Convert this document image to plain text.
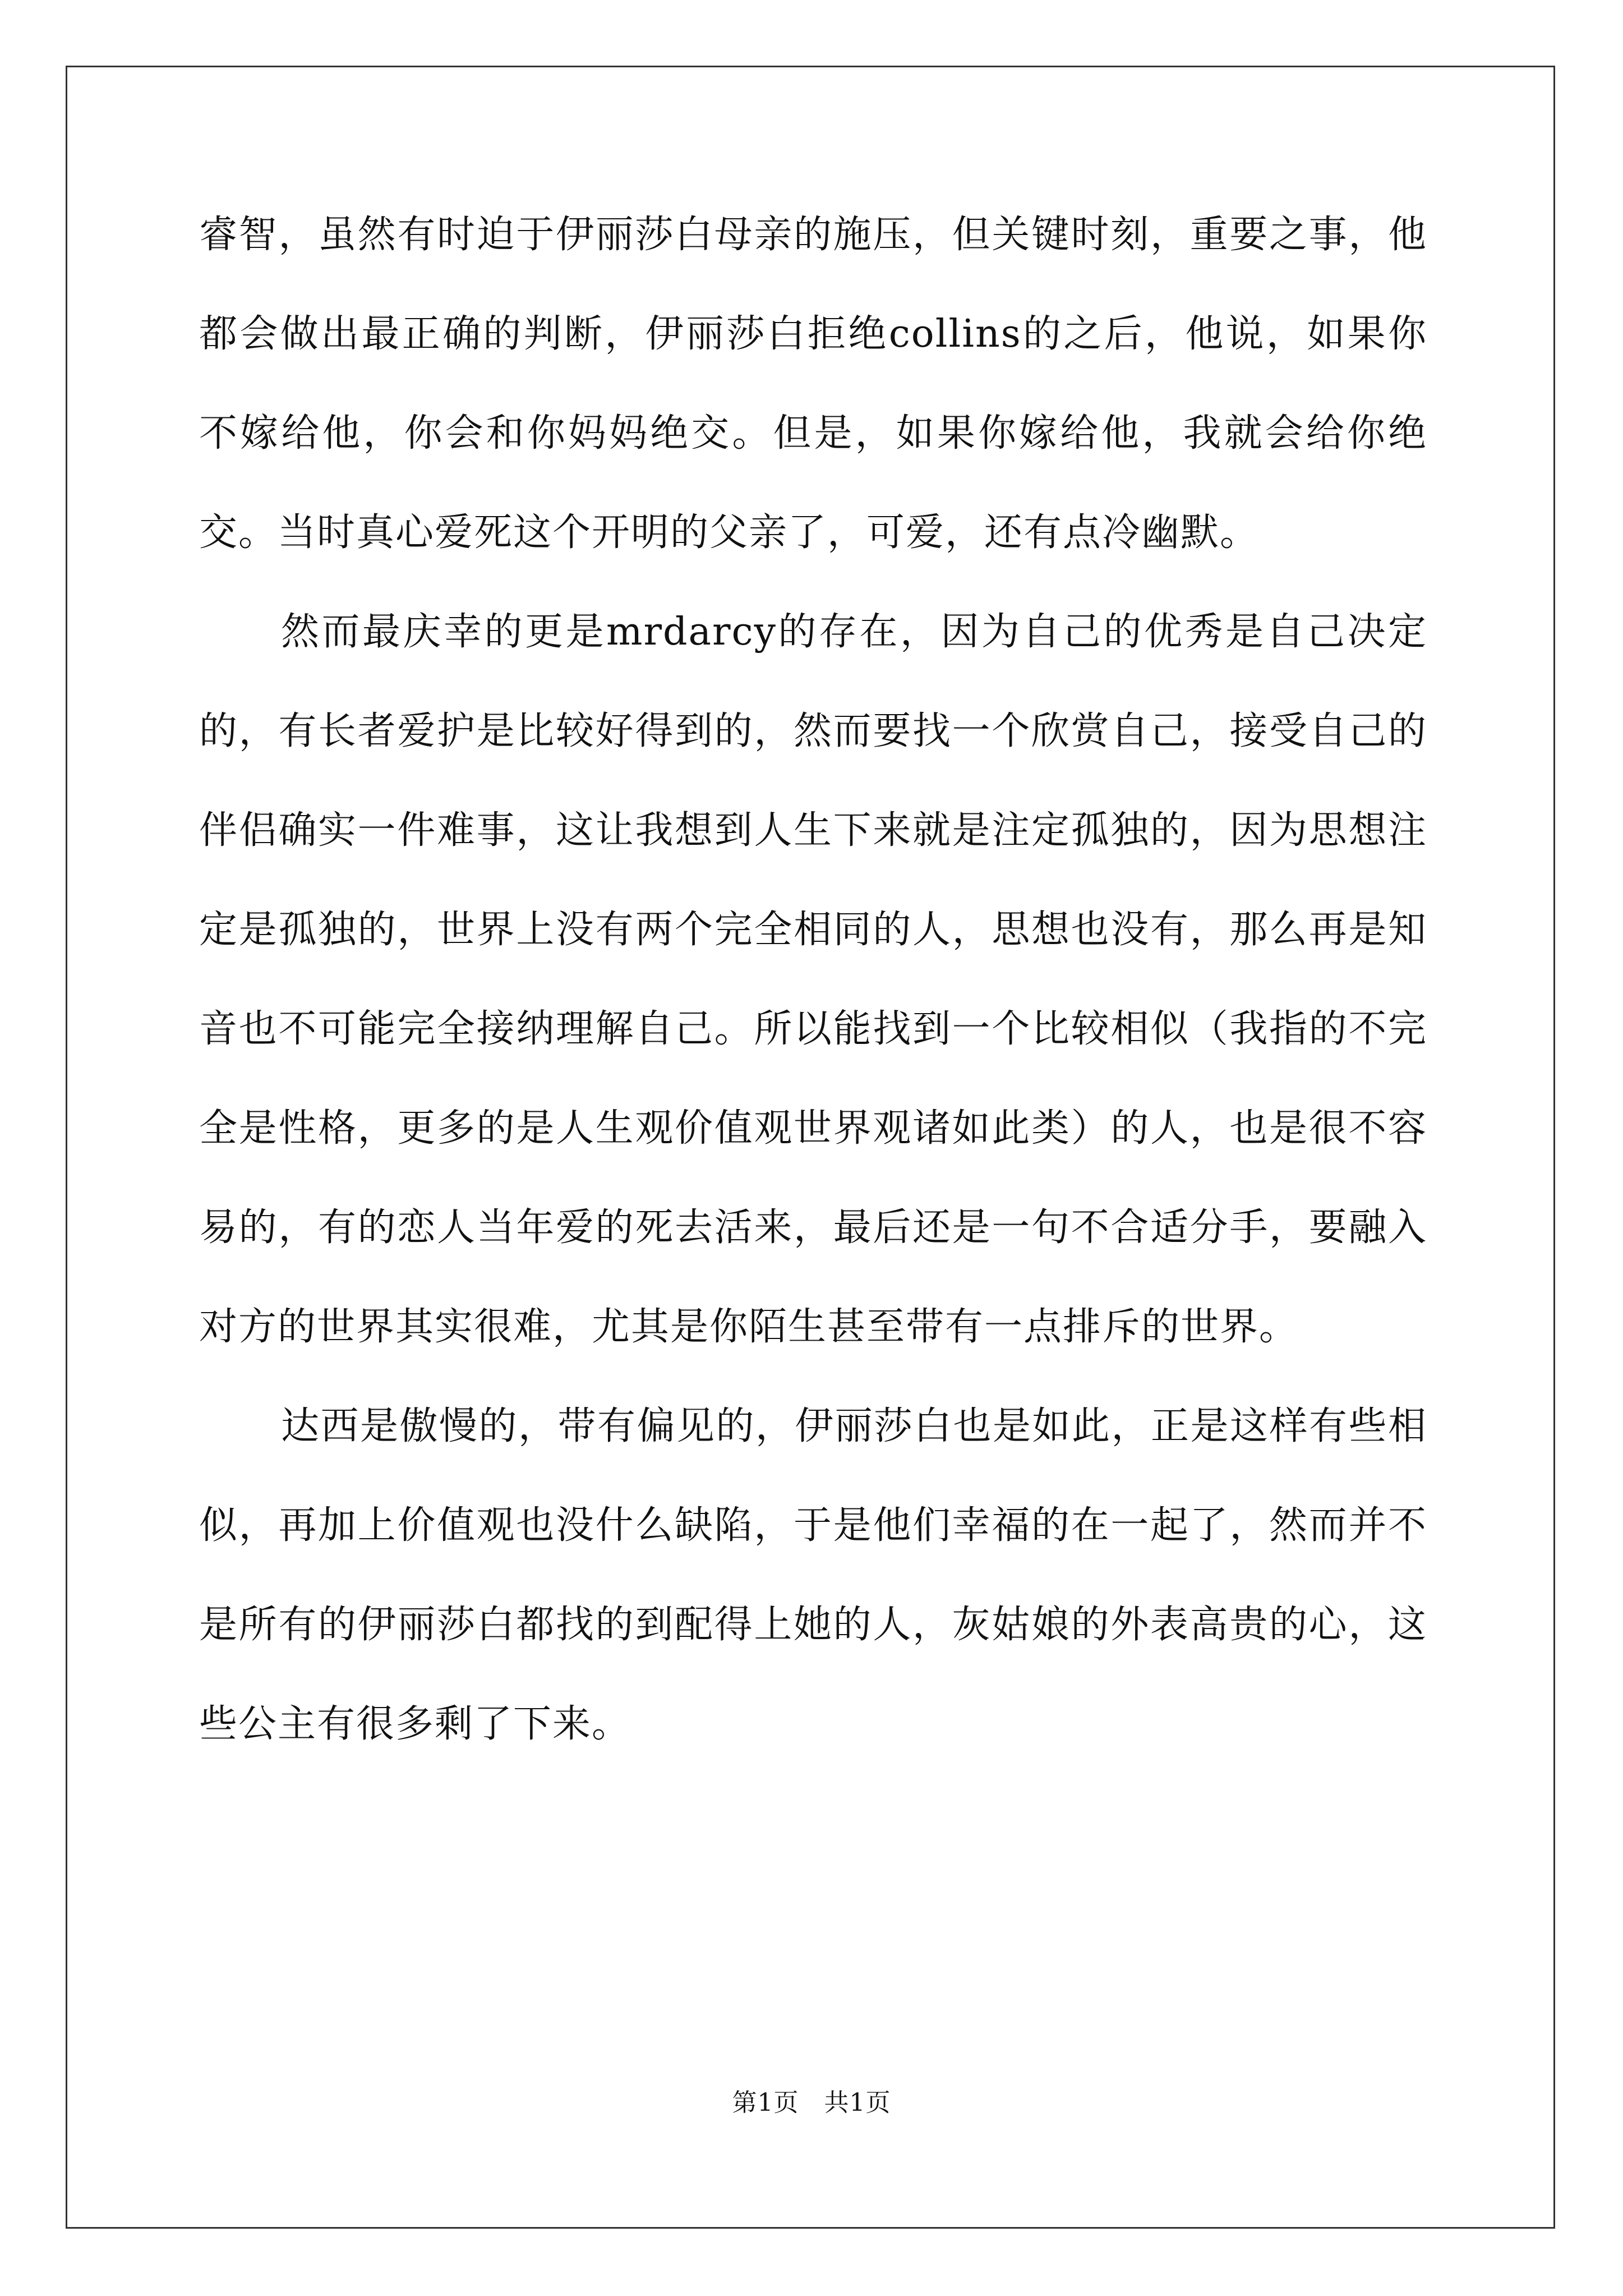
睿智，虽然有时迫于伊丽莎白母亲的施压，但关键时刻，重要之事，他都会做出最正确的判断，伊丽莎白拒绝collins的之后，他说，如果你不嫁给他，你会和你妈妈绝交。但是，如果你嫁给他，我就会给你绝交。当时真心爱死这个开明的父亲了，可爱，还有点冷幽默。

然而最庆幸的更是mrdarcy的存在，因为自己的优秀是自己决定的，有长者爱护是比较好得到的，然而要找一个欣赏自己，接受自己的伴侣确实一件难事，这让我想到人生下来就是注定孤独的，因为思想注定是孤独的，世界上没有两个完全相同的人，思想也没有，那么再是知音也不可能完全接纳理解自己。所以能找到一个比较相似（我指的不完全是性格，更多的是人生观价值观世界观诸如此类）的人，也是很不容易的，有的恋人当年爱的死去活来，最后还是一句不合适分手，要融入对方的世界其实很难，尤其是你陌生甚至带有一点排斥的世界。

达西是傲慢的，带有偏见的，伊丽莎白也是如此，正是这样有些相似，再加上价值观也没什么缺陷，于是他们幸福的在一起了，然而并不是所有的伊丽莎白都找的到配得上她的人，灰姑娘的外表高贵的心，这些公主有很多剩了下来。

第1页   共1页
